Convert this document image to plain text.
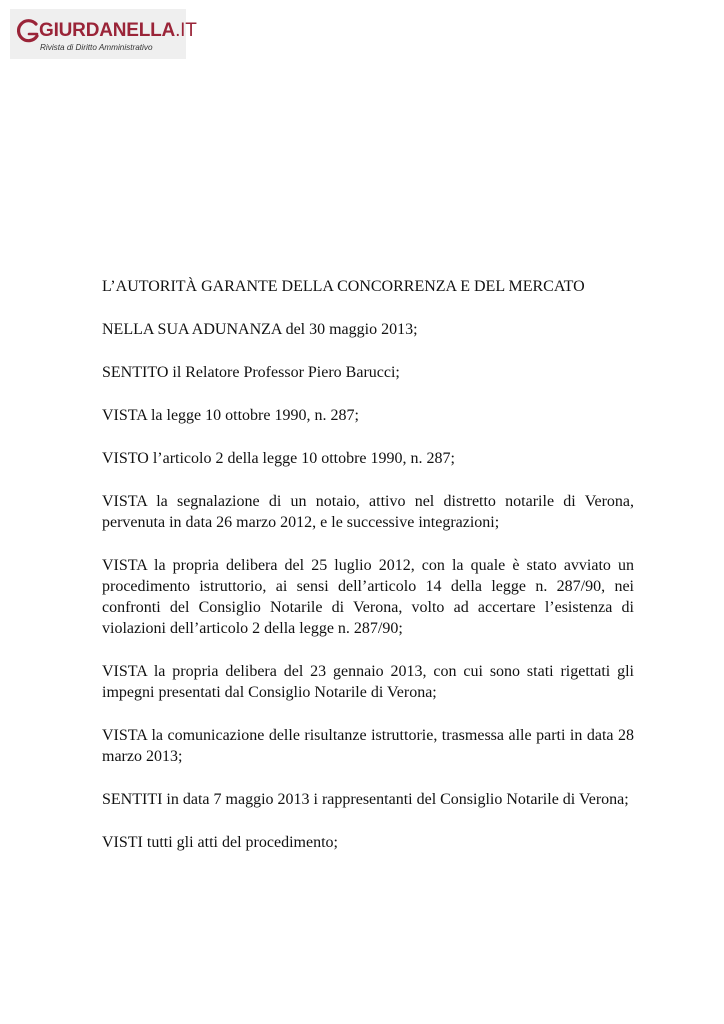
GIURDANELLA.IT
Rivista di Diritto Amministrativo

L’AUTORITÀ GARANTE DELLA CONCORRENZA E DEL MERCATO

NELLA SUA ADUNANZA del 30 maggio 2013;

SENTITO il Relatore Professor Piero Barucci;

VISTA la legge 10 ottobre 1990, n. 287;

VISTO l’articolo 2 della legge 10 ottobre 1990, n. 287;

VISTA la segnalazione di un notaio, attivo nel distretto notarile di Verona, pervenuta in data 26 marzo 2012, e le successive integrazioni;

VISTA la propria delibera del 25 luglio 2012, con la quale è stato avviato un procedimento istruttorio, ai sensi dell’articolo 14 della legge n. 287/90, nei confronti del Consiglio Notarile di Verona, volto ad accertare l’esistenza di violazioni dell’articolo 2 della legge n. 287/90;

VISTA la propria delibera del 23 gennaio 2013, con cui sono stati rigettati gli impegni presentati dal Consiglio Notarile di Verona;

VISTA la comunicazione delle risultanze istruttorie, trasmessa alle parti in data 28 marzo 2013;

SENTITI in data 7 maggio 2013 i rappresentanti del Consiglio Notarile di Verona;

VISTI tutti gli atti del procedimento;
